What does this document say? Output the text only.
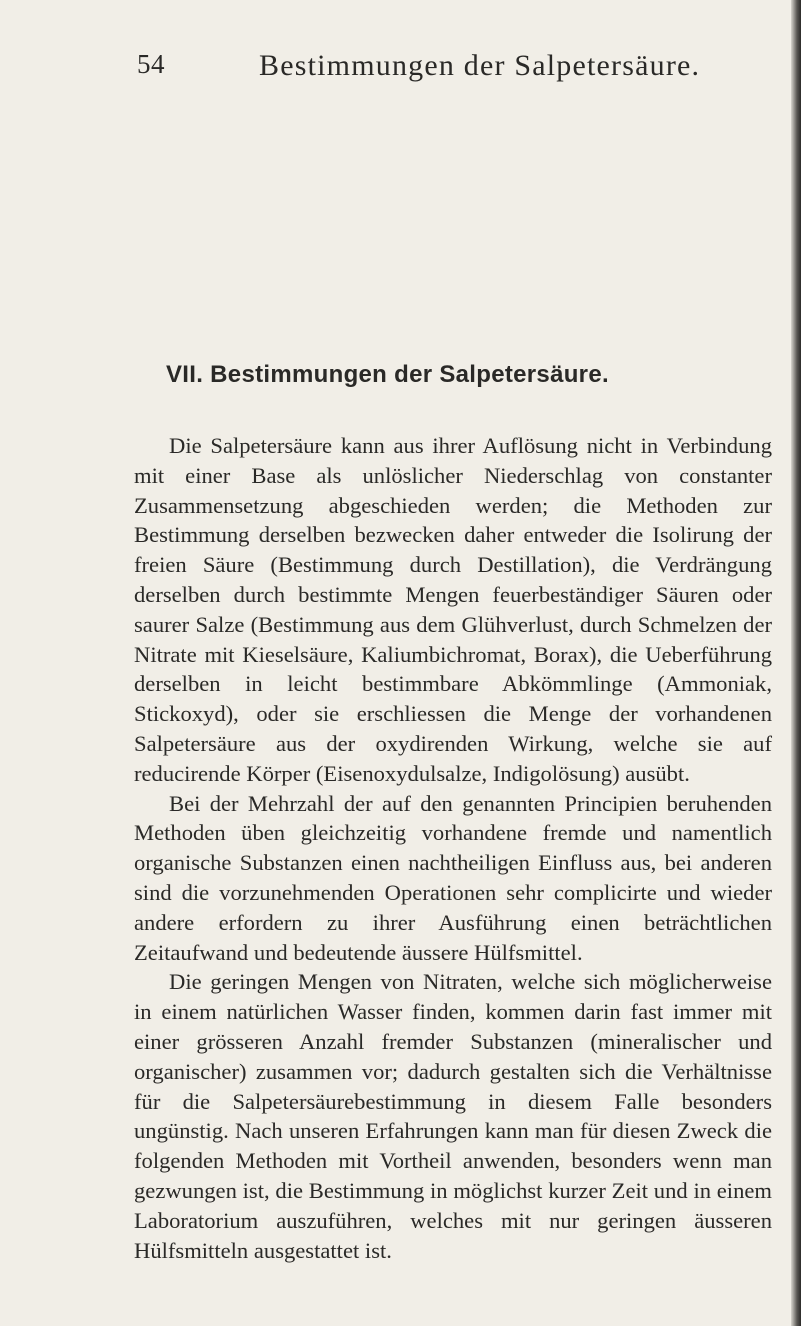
54	Bestimmungen der Salpetersäure.
VII. Bestimmungen der Salpetersäure.

Die Salpetersäure kann aus ihrer Auflösung nicht in Verbindung mit einer Base als unlöslicher Niederschlag von constanter Zusammensetzung abgeschieden werden; die Methoden zur Bestimmung derselben bezwecken daher entweder die Isolirung der freien Säure (Bestimmung durch Destillation), die Verdrängung derselben durch bestimmte Mengen feuerbeständiger Säuren oder saurer Salze (Bestimmung aus dem Glühverlust, durch Schmelzen der Nitrate mit Kieselsäure, Kaliumbichromat, Borax), die Ueberführung derselben in leicht bestimmbare Abkömmlinge (Ammoniak, Stickoxyd), oder sie erschliessen die Menge der vorhandenen Salpetersäure aus der oxydirenden Wirkung, welche sie auf reducirende Körper (Eisenoxydulsalze, Indigolösung) ausübt.

Bei der Mehrzahl der auf den genannten Principien beruhenden Methoden üben gleichzeitig vorhandene fremde und namentlich organische Substanzen einen nachtheiligen Einfluss aus, bei anderen sind die vorzunehmenden Operationen sehr complicirte und wieder andere erfordern zu ihrer Ausführung einen beträchtlichen Zeitaufwand und bedeutende äussere Hülfsmittel.

Die geringen Mengen von Nitraten, welche sich möglicherweise in einem natürlichen Wasser finden, kommen darin fast immer mit einer grösseren Anzahl fremder Substanzen (mineralischer und organischer) zusammen vor; dadurch gestalten sich die Verhältnisse für die Salpetersäurebestimmung in diesem Falle besonders ungünstig. Nach unseren Erfahrungen kann man für diesen Zweck die folgenden Methoden mit Vortheil anwenden, besonders wenn man gezwungen ist, die Bestimmung in möglichst kurzer Zeit und in einem Laboratorium auszuführen, welches mit nur geringen äusseren Hülfsmitteln ausgestattet ist.
